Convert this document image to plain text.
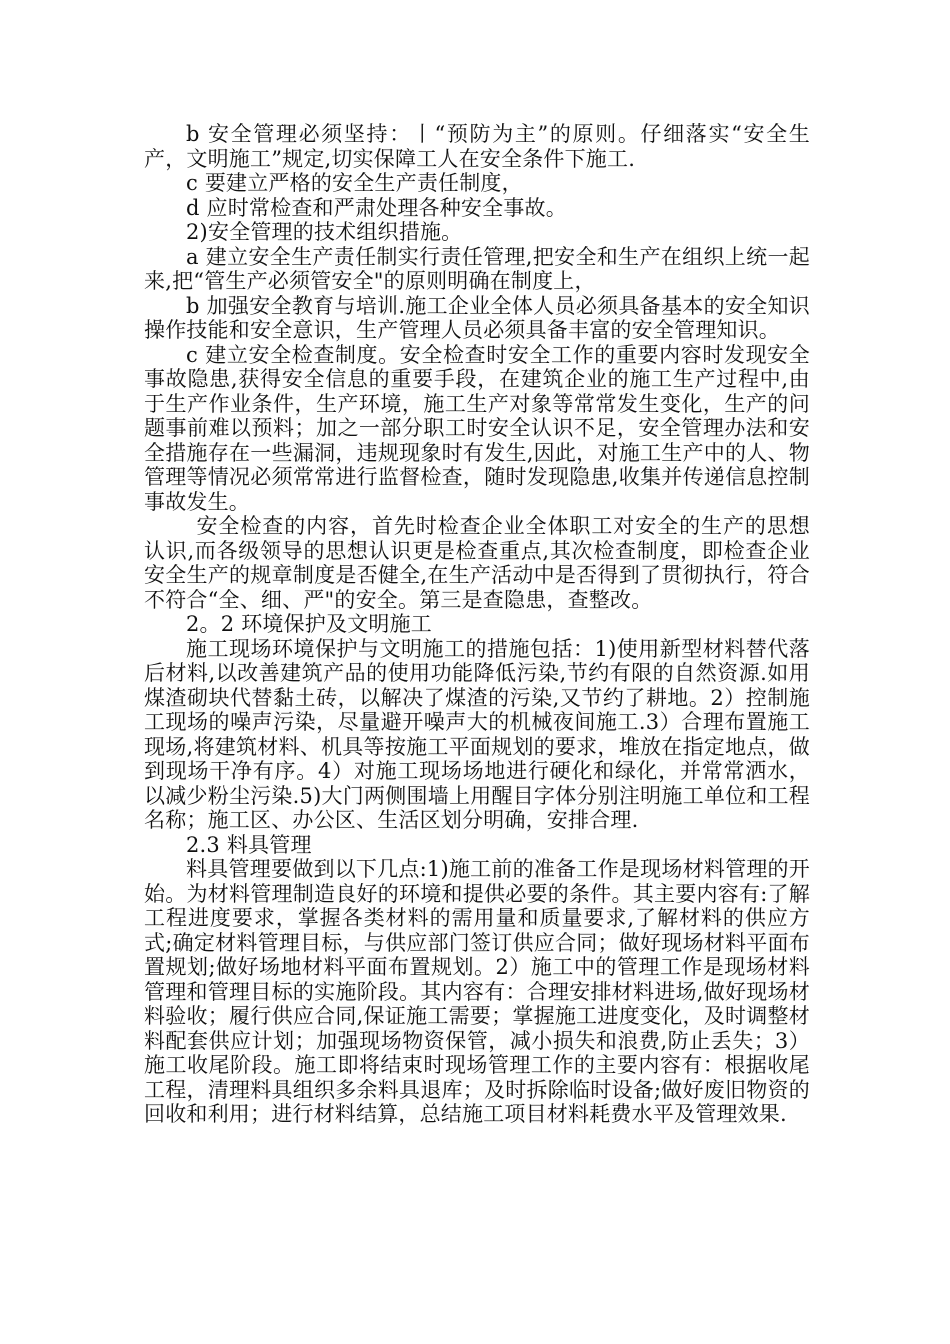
b 安全管理必须坚持：丨“预防为主”的原则。仔细落实“安全生产，文明施工”规定,切实保障工人在安全条件下施工.

c 要建立严格的安全生产责任制度，

d 应时常检查和严肃处理各种安全事故。

2)安全管理的技术组织措施。

a 建立安全生产责任制实行责任管理,把安全和生产在组织上统一起来,把“管生产必须管安全"的原则明确在制度上，

b 加强安全教育与培训.施工企业全体人员必须具备基本的安全知识操作技能和安全意识，生产管理人员必须具备丰富的安全管理知识。

c 建立安全检查制度。安全检查时安全工作的重要内容时发现安全事故隐患,获得安全信息的重要手段，在建筑企业的施工生产过程中,由于生产作业条件，生产环境，施工生产对象等常常发生变化，生产的问题事前难以预料；加之一部分职工时安全认识不足，安全管理办法和安全措施存在一些漏洞，违规现象时有发生,因此，对施工生产中的人、物管理等情况必须常常进行监督检查，随时发现隐患,收集并传递信息控制事故发生。

安全检查的内容，首先时检查企业全体职工对安全的生产的思想认识,而各级领导的思想认识更是检查重点,其次检查制度，即检查企业安全生产的规章制度是否健全,在生产活动中是否得到了贯彻执行，符合不符合“全、细、严"的安全。第三是查隐患，查整改。

2。2 环境保护及文明施工

施工现场环境保护与文明施工的措施包括：1)使用新型材料替代落后材料,以改善建筑产品的使用功能降低污染,节约有限的自然资源.如用煤渣砌块代替黏土砖，以解决了煤渣的污染,又节约了耕地。2）控制施工现场的噪声污染，尽量避开噪声大的机械夜间施工.3）合理布置施工现场,将建筑材料、机具等按施工平面规划的要求，堆放在指定地点，做到现场干净有序。4）对施工现场场地进行硬化和绿化，并常常洒水，以减少粉尘污染.5)大门两侧围墙上用醒目字体分别注明施工单位和工程名称；施工区、办公区、生活区划分明确，安排合理.

2.3 料具管理

料具管理要做到以下几点:1)施工前的准备工作是现场材料管理的开始。为材料管理制造良好的环境和提供必要的条件。其主要内容有:了解工程进度要求，掌握各类材料的需用量和质量要求,了解材料的供应方式;确定材料管理目标，与供应部门签订供应合同；做好现场材料平面布置规划;做好场地材料平面布置规划。2）施工中的管理工作是现场材料管理和管理目标的实施阶段。其内容有：合理安排材料进场,做好现场材料验收；履行供应合同,保证施工需要；掌握施工进度变化，及时调整材料配套供应计划；加强现场物资保管，减小损失和浪费,防止丢失；3）施工收尾阶段。施工即将结束时现场管理工作的主要内容有：根据收尾工程，清理料具组织多余料具退库；及时拆除临时设备;做好废旧物资的回收和利用；进行材料结算，总结施工项目材料耗费水平及管理效果.
